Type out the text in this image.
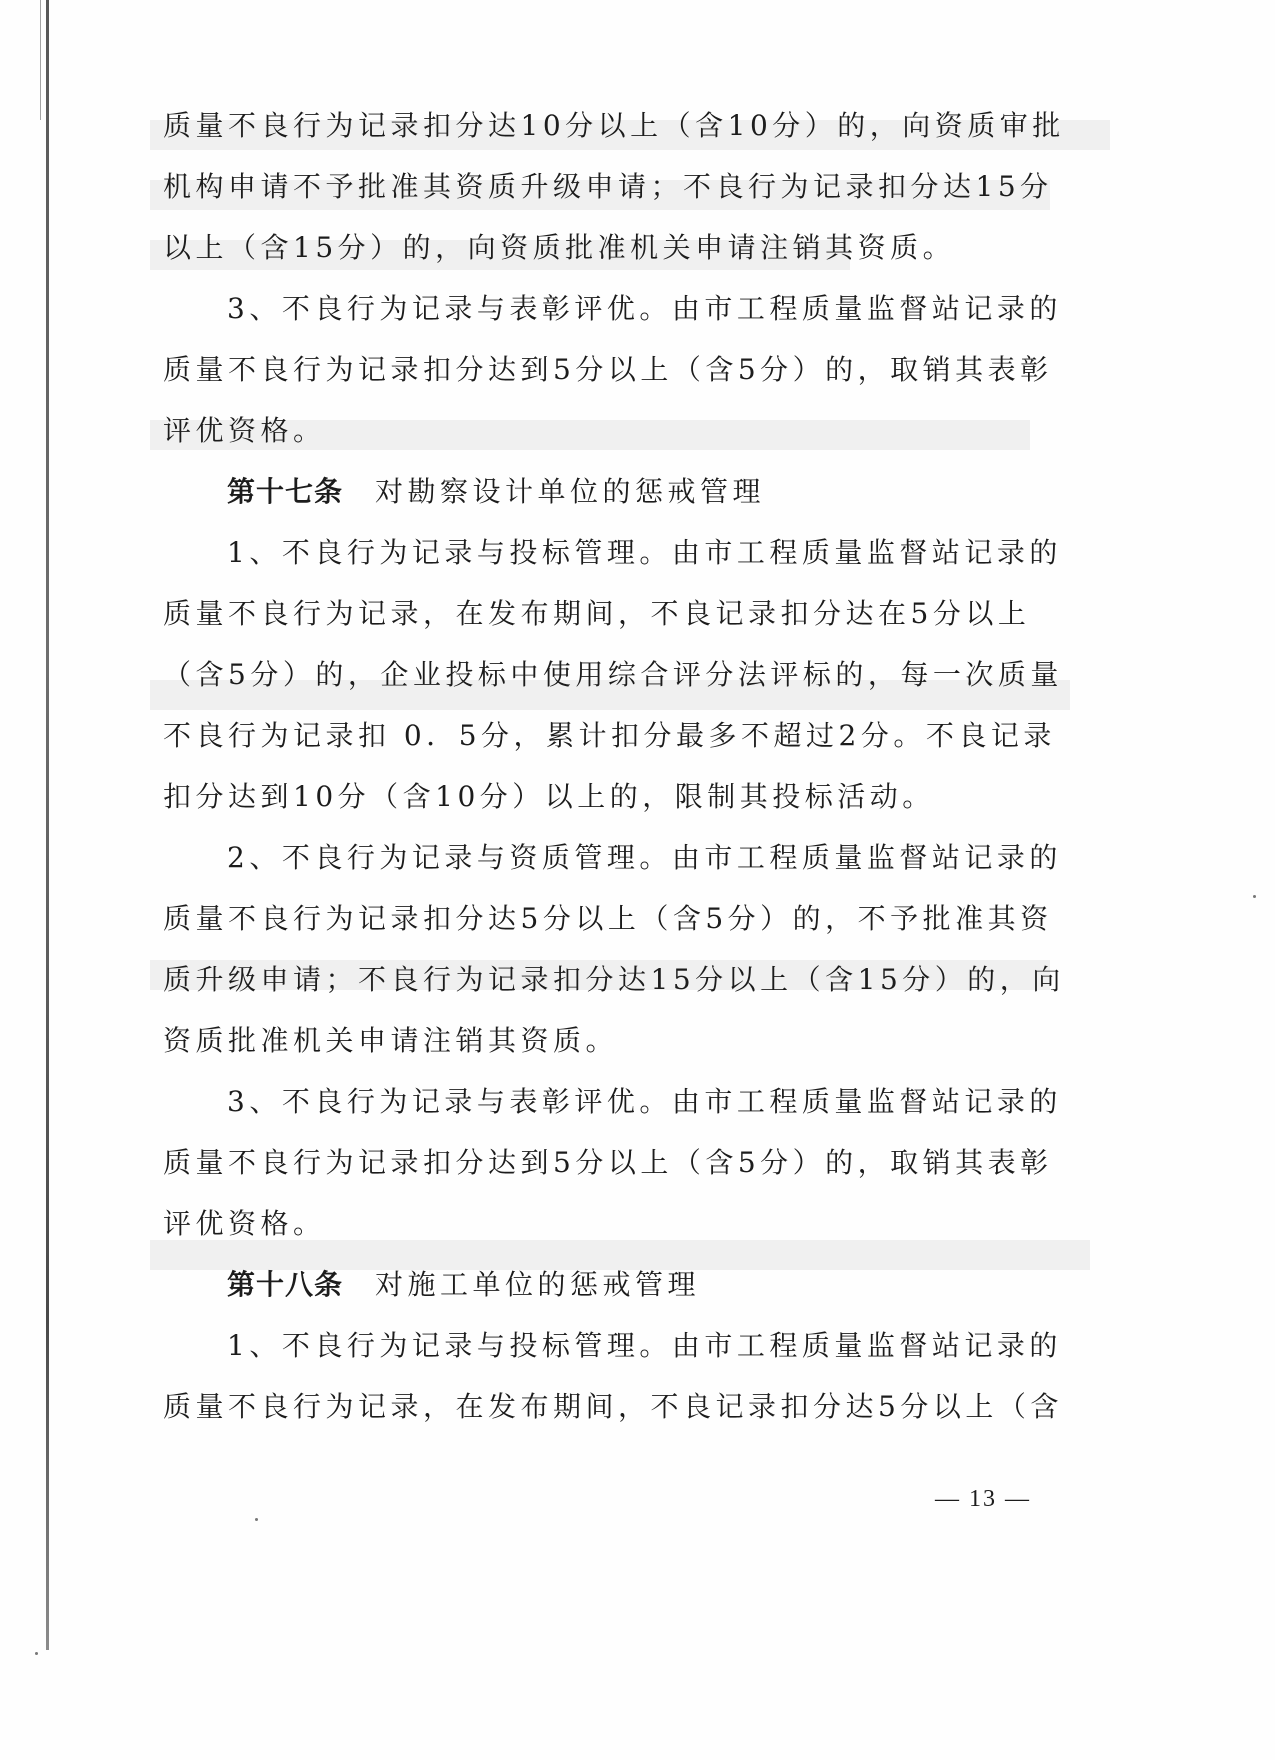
质量不良行为记录扣分达10分以上（含10分）的，向资质审批

机构申请不予批准其资质升级申请；不良行为记录扣分达15分

以上（含15分）的，向资质批准机关申请注销其资质。

3、不良行为记录与表彰评优。由市工程质量监督站记录的

质量不良行为记录扣分达到5分以上（含5分）的，取销其表彰

评优资格。

第十七条 对勘察设计单位的惩戒管理

1、不良行为记录与投标管理。由市工程质量监督站记录的

质量不良行为记录，在发布期间，不良记录扣分达在5分以上

（含5分）的，企业投标中使用综合评分法评标的，每一次质量

不良行为记录扣 0．5分，累计扣分最多不超过2分。不良记录

扣分达到10分（含10分）以上的，限制其投标活动。

2、不良行为记录与资质管理。由市工程质量监督站记录的

质量不良行为记录扣分达5分以上（含5分）的，不予批准其资

质升级申请；不良行为记录扣分达15分以上（含15分）的，向

资质批准机关申请注销其资质。

3、不良行为记录与表彰评优。由市工程质量监督站记录的

质量不良行为记录扣分达到5分以上（含5分）的，取销其表彰

评优资格。

第十八条 对施工单位的惩戒管理

1、不良行为记录与投标管理。由市工程质量监督站记录的

质量不良行为记录，在发布期间，不良记录扣分达5分以上（含

— 13 —
